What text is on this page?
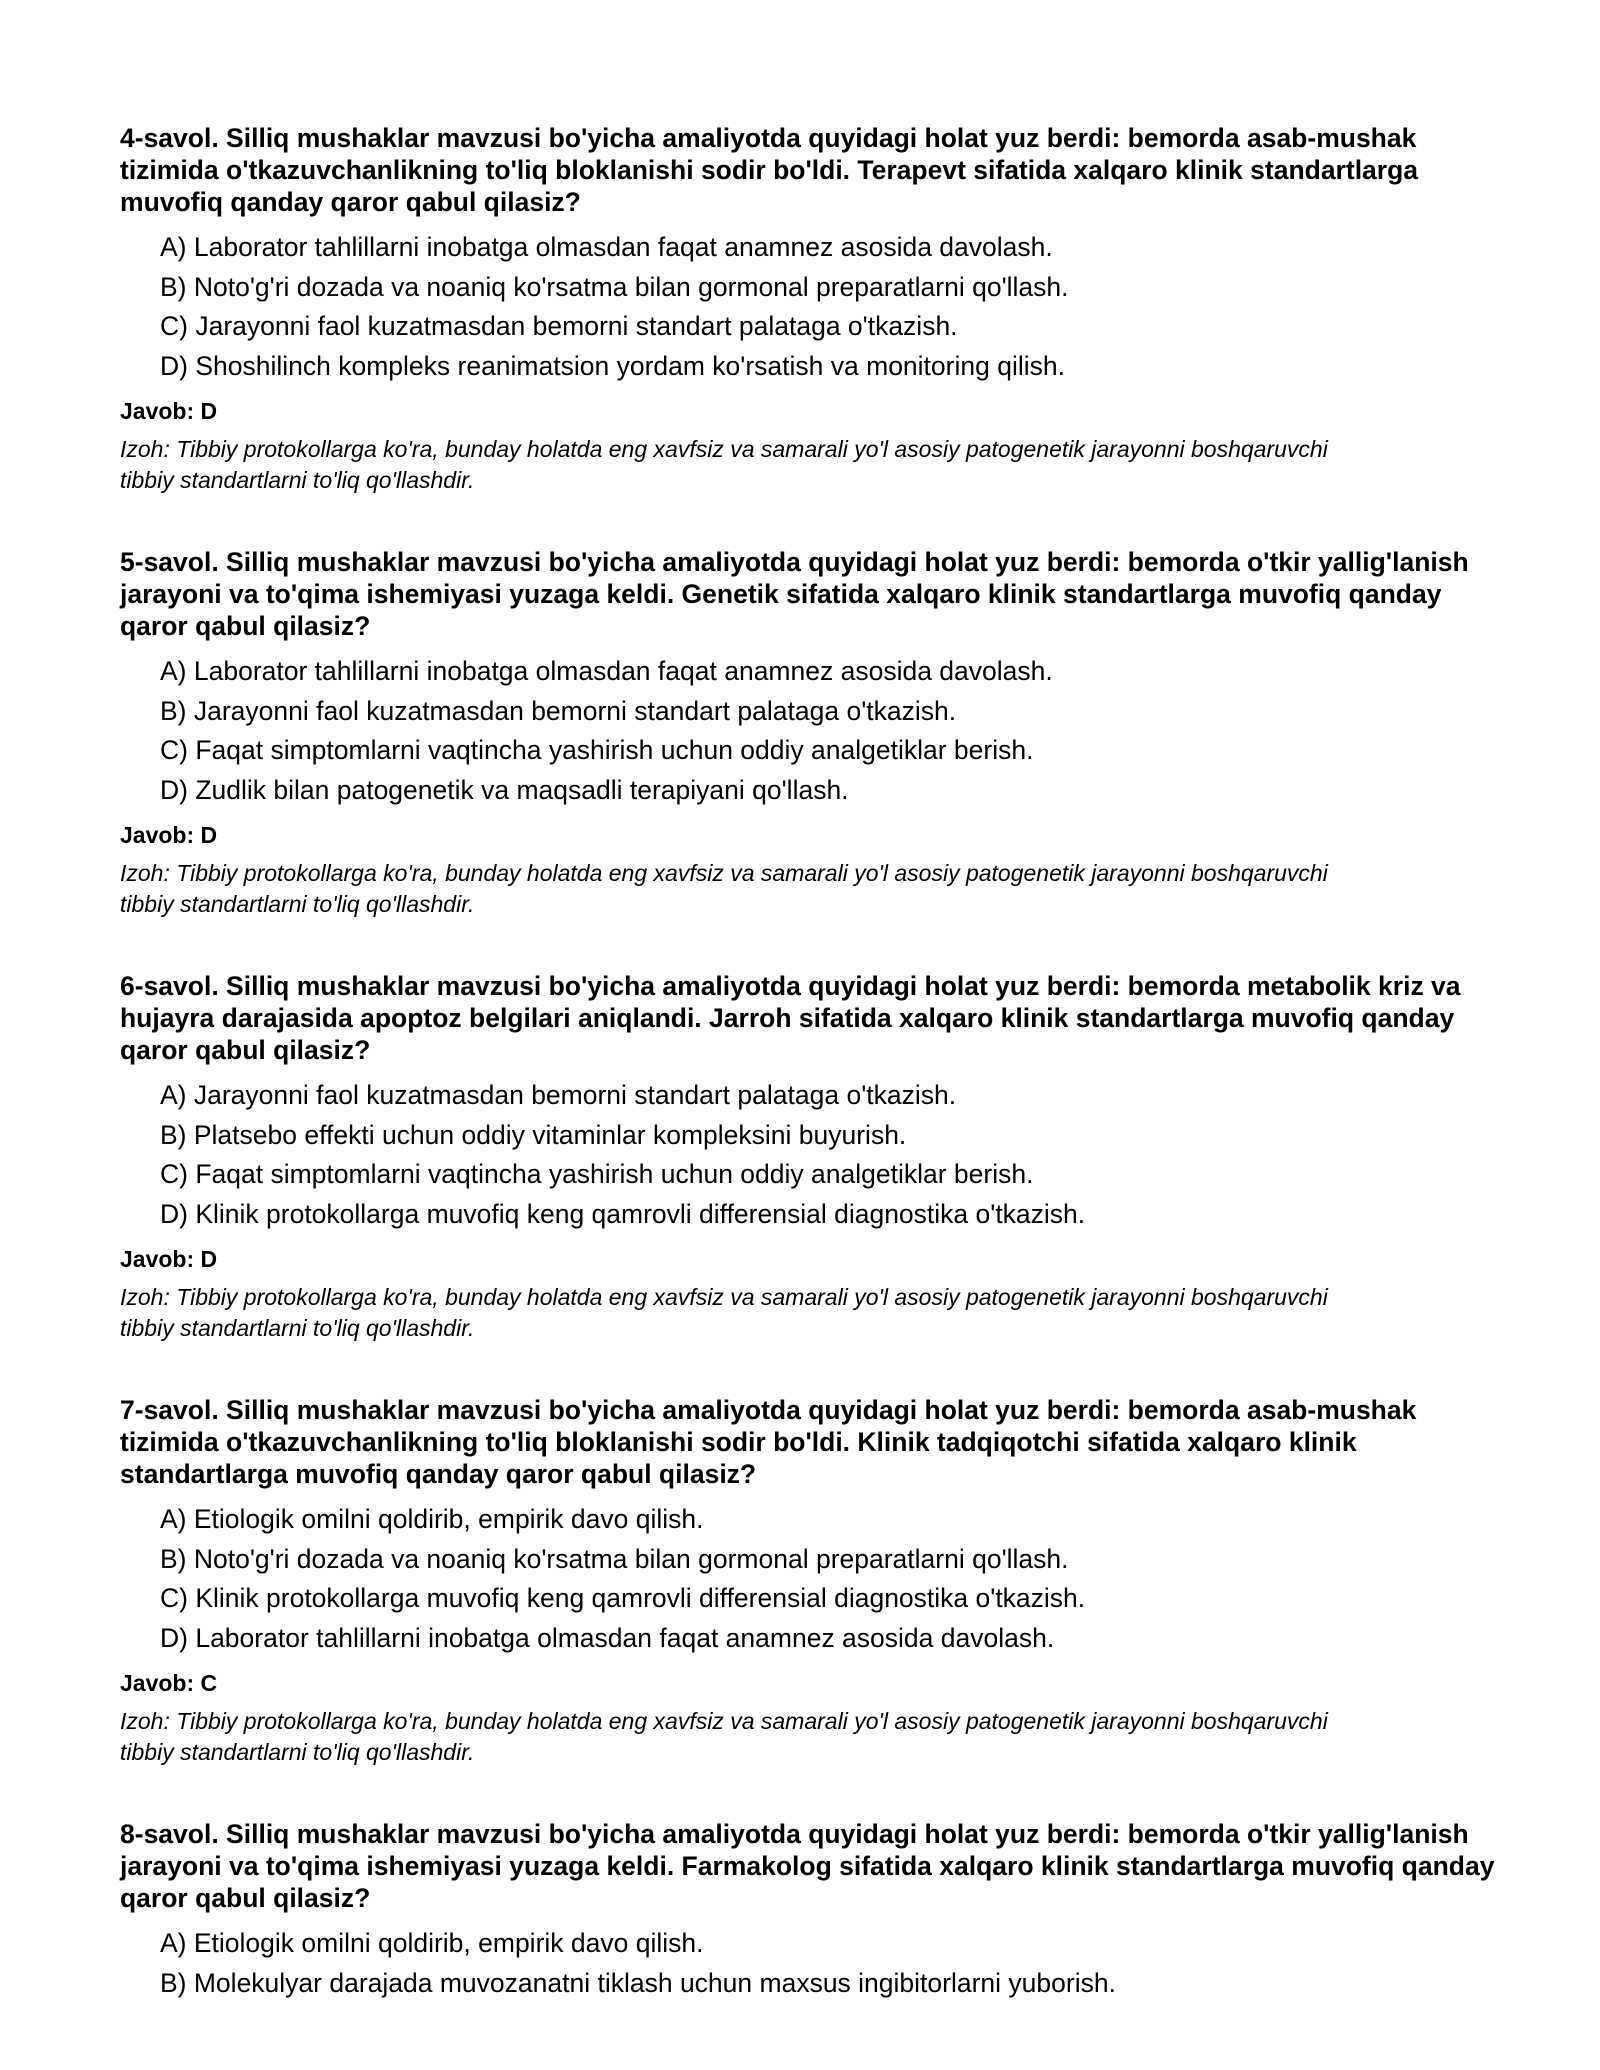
4-savol. Silliq mushaklar mavzusi bo'yicha amaliyotda quyidagi holat yuz berdi: bemorda asab-mushak tizimida o'tkazuvchanlikning to'liq bloklanishi sodir bo'ldi. Terapevt sifatida xalqaro klinik standartlarga muvofiq qanday qaror qabul qilasiz?
A) Laborator tahlillarni inobatga olmasdan faqat anamnez asosida davolash.
B) Noto'g'ri dozada va noaniq ko'rsatma bilan gormonal preparatlarni qo'llash.
C) Jarayonni faol kuzatmasdan bemorni standart palataga o'tkazish.
D) Shoshilinch kompleks reanimatsion yordam ko'rsatish va monitoring qilish.
Javob: D
Izoh: Tibbiy protokollarga ko'ra, bunday holatda eng xavfsiz va samarali yo'l asosiy patogenetik jarayonni boshqaruvchi tibbiy standartlarni to'liq qo'llashdir.
5-savol. Silliq mushaklar mavzusi bo'yicha amaliyotda quyidagi holat yuz berdi: bemorda o'tkir yallig'lanish jarayoni va to'qima ishemiyasi yuzaga keldi. Genetik sifatida xalqaro klinik standartlarga muvofiq qanday qaror qabul qilasiz?
A) Laborator tahlillarni inobatga olmasdan faqat anamnez asosida davolash.
B) Jarayonni faol kuzatmasdan bemorni standart palataga o'tkazish.
C) Faqat simptomlarni vaqtincha yashirish uchun oddiy analgetiklar berish.
D) Zudlik bilan patogenetik va maqsadli terapiyani qo'llash.
Javob: D
Izoh: Tibbiy protokollarga ko'ra, bunday holatda eng xavfsiz va samarali yo'l asosiy patogenetik jarayonni boshqaruvchi tibbiy standartlarni to'liq qo'llashdir.
6-savol. Silliq mushaklar mavzusi bo'yicha amaliyotda quyidagi holat yuz berdi: bemorda metabolik kriz va hujayra darajasida apoptoz belgilari aniqlandi. Jarroh sifatida xalqaro klinik standartlarga muvofiq qanday qaror qabul qilasiz?
A) Jarayonni faol kuzatmasdan bemorni standart palataga o'tkazish.
B) Platsebo effekti uchun oddiy vitaminlar kompleksini buyurish.
C) Faqat simptomlarni vaqtincha yashirish uchun oddiy analgetiklar berish.
D) Klinik protokollarga muvofiq keng qamrovli differensial diagnostika o'tkazish.
Javob: D
Izoh: Tibbiy protokollarga ko'ra, bunday holatda eng xavfsiz va samarali yo'l asosiy patogenetik jarayonni boshqaruvchi tibbiy standartlarni to'liq qo'llashdir.
7-savol. Silliq mushaklar mavzusi bo'yicha amaliyotda quyidagi holat yuz berdi: bemorda asab-mushak tizimida o'tkazuvchanlikning to'liq bloklanishi sodir bo'ldi. Klinik tadqiqotchi sifatida xalqaro klinik standartlarga muvofiq qanday qaror qabul qilasiz?
A) Etiologik omilni qoldirib, empirik davo qilish.
B) Noto'g'ri dozada va noaniq ko'rsatma bilan gormonal preparatlarni qo'llash.
C) Klinik protokollarga muvofiq keng qamrovli differensial diagnostika o'tkazish.
D) Laborator tahlillarni inobatga olmasdan faqat anamnez asosida davolash.
Javob: C
Izoh: Tibbiy protokollarga ko'ra, bunday holatda eng xavfsiz va samarali yo'l asosiy patogenetik jarayonni boshqaruvchi tibbiy standartlarni to'liq qo'llashdir.
8-savol. Silliq mushaklar mavzusi bo'yicha amaliyotda quyidagi holat yuz berdi: bemorda o'tkir yallig'lanish jarayoni va to'qima ishemiyasi yuzaga keldi. Farmakolog sifatida xalqaro klinik standartlarga muvofiq qanday qaror qabul qilasiz?
A) Etiologik omilni qoldirib, empirik davo qilish.
B) Molekulyar darajada muvozanatni tiklash uchun maxsus ingibitorlarni yuborish.
